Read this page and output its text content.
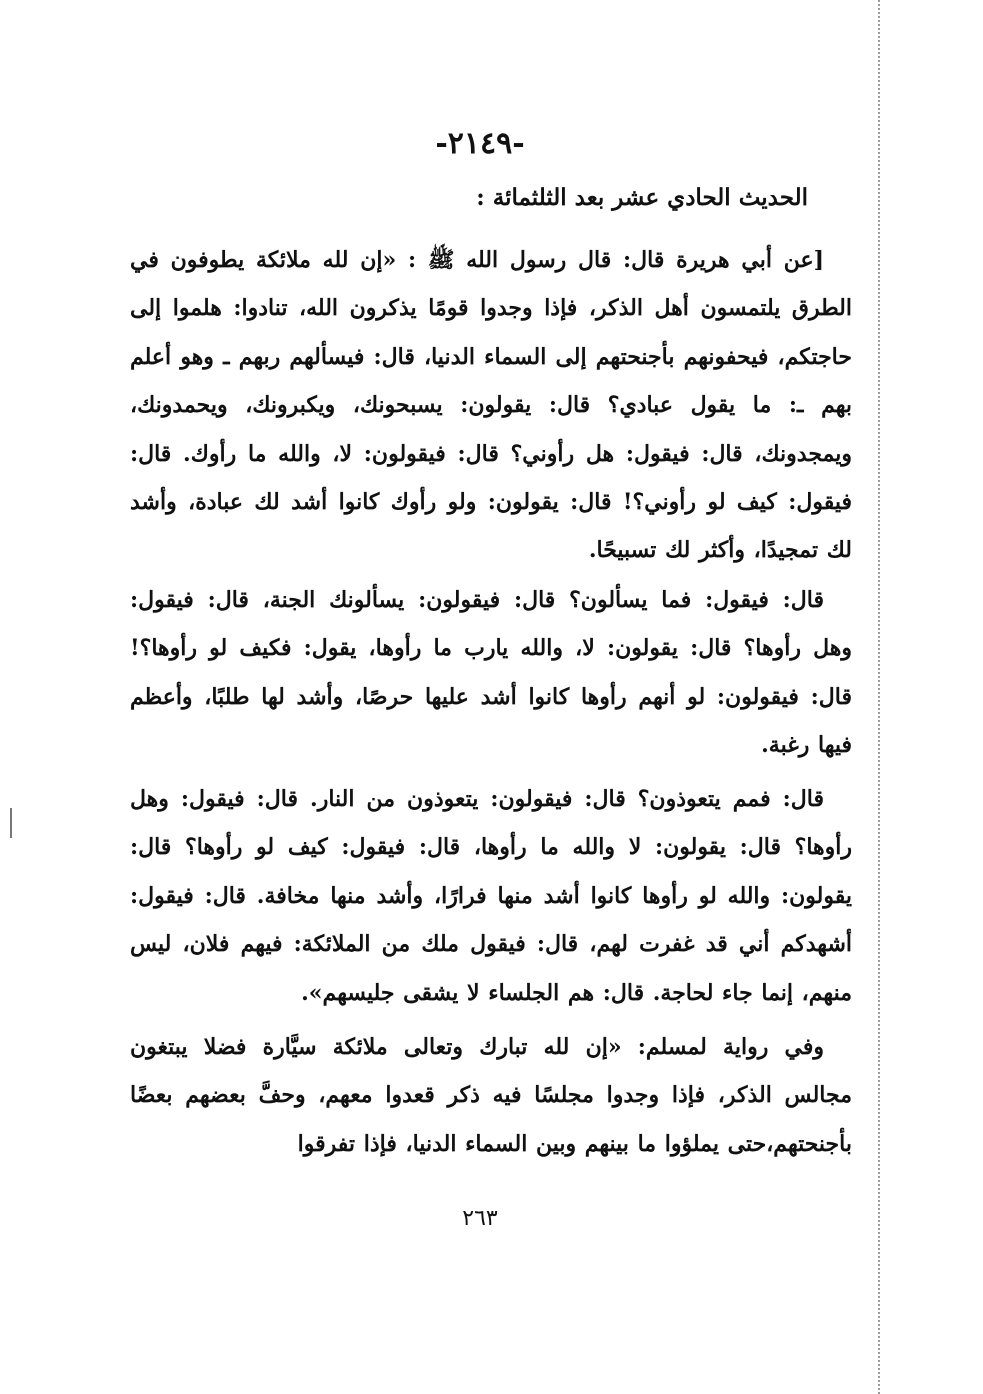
-٢١٤٩-
الحديث الحادي عشر بعد الثلثمائة :

[عن أبي هريرة قال: قال رسول الله ﷺ : «إن لله ملائكة يطوفون في الطرق يلتمسون أهل الذكر، فإذا وجدوا قومًا يذكرون الله، تنادوا: هلموا إلى حاجتكم، فيحفونهم بأجنحتهم إلى السماء الدنيا، قال: فيسألهم ربهم ـ وهو أعلم بهم ـ: ما يقول عبادي؟ قال: يقولون: يسبحونك، ويكبرونك، ويحمدونك، ويمجدونك، قال: فيقول: هل رأوني؟ قال: فيقولون: لا، والله ما رأوك. قال: فيقول: كيف لو رأوني؟! قال: يقولون: ولو رأوك كانوا أشد لك عبادة، وأشد لك تمجيدًا، وأكثر لك تسبيحًا.

قال: فيقول: فما يسألون؟ قال: فيقولون: يسألونك الجنة، قال: فيقول: وهل رأوها؟ قال: يقولون: لا، والله يارب ما رأوها، يقول: فكيف لو رأوها؟! قال: فيقولون: لو أنهم رأوها كانوا أشد عليها حرصًا، وأشد لها طلبًا، وأعظم فيها رغبة.

قال: فمم يتعوذون؟ قال: فيقولون: يتعوذون من النار. قال: فيقول: وهل رأوها؟ قال: يقولون: لا والله ما رأوها، قال: فيقول: كيف لو رأوها؟ قال: يقولون: والله لو رأوها كانوا أشد منها فرارًا، وأشد منها مخافة. قال: فيقول: أشهدكم أني قد غفرت لهم، قال: فيقول ملك من الملائكة: فيهم فلان، ليس منهم، إنما جاء لحاجة. قال: هم الجلساء لا يشقى جليسهم».

وفي رواية لمسلم: «إن لله تبارك وتعالى ملائكة سيَّارة فضلا يبتغون مجالس الذكر، فإذا وجدوا مجلسًا فيه ذكر قعدوا معهم، وحفَّ بعضهم بعضًا بأجنحتهم،حتى يملؤوا ما بينهم وبين السماء الدنيا، فإذا تفرقوا

٢٦٣
